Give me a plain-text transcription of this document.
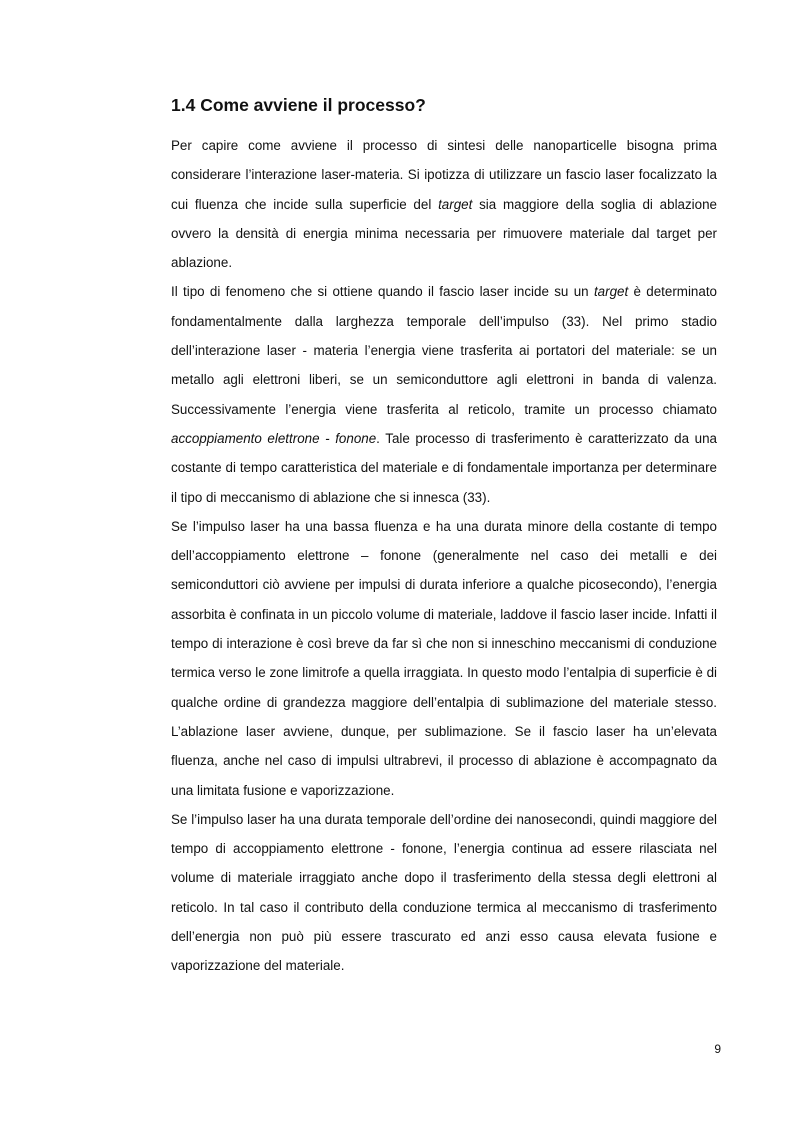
1.4 Come avviene il processo?

Per capire come avviene il processo di sintesi delle nanoparticelle bisogna prima considerare l’interazione laser-materia. Si ipotizza di utilizzare un fascio laser focalizzato la cui fluenza che incide sulla superficie del target sia maggiore della soglia di ablazione ovvero la densità di energia minima necessaria per rimuovere materiale dal target per ablazione.

Il tipo di fenomeno che si ottiene quando il fascio laser incide su un target è determinato fondamentalmente dalla larghezza temporale dell’impulso (33). Nel primo stadio dell’interazione laser - materia l’energia viene trasferita ai portatori del materiale: se un metallo agli elettroni liberi, se un semiconduttore agli elettroni in banda di valenza. Successivamente l’energia viene trasferita al reticolo, tramite un processo chiamato accoppiamento elettrone - fonone. Tale processo di trasferimento è caratterizzato da una costante di tempo caratteristica del materiale e di fondamentale importanza per determinare il tipo di meccanismo di ablazione che si innesca (33).

Se l’impulso laser ha una bassa fluenza e ha una durata minore della costante di tempo dell’accoppiamento elettrone – fonone (generalmente nel caso dei metalli e dei semiconduttori ciò avviene per impulsi di durata inferiore a qualche picosecondo), l’energia assorbita è confinata in un piccolo volume di materiale, laddove il fascio laser incide. Infatti il tempo di interazione è così breve da far sì che non si inneschino meccanismi di conduzione termica verso le zone limitrofe a quella irraggiata. In questo modo l’entalpia di superficie è di qualche ordine di grandezza maggiore dell’entalpia di sublimazione del materiale stesso. L’ablazione laser avviene, dunque, per sublimazione. Se il fascio laser ha un’elevata fluenza, anche nel caso di impulsi ultrabrevi, il processo di ablazione è accompagnato da una limitata fusione e vaporizzazione.

Se l’impulso laser ha una durata temporale dell’ordine dei nanosecondi, quindi maggiore del tempo di accoppiamento elettrone - fonone, l’energia continua ad essere rilasciata nel volume di materiale irraggiato anche dopo il trasferimento della stessa degli elettroni al reticolo. In tal caso il contributo della conduzione termica al meccanismo di trasferimento dell’energia non può più essere trascurato ed anzi esso causa elevata fusione e vaporizzazione del materiale.

9
